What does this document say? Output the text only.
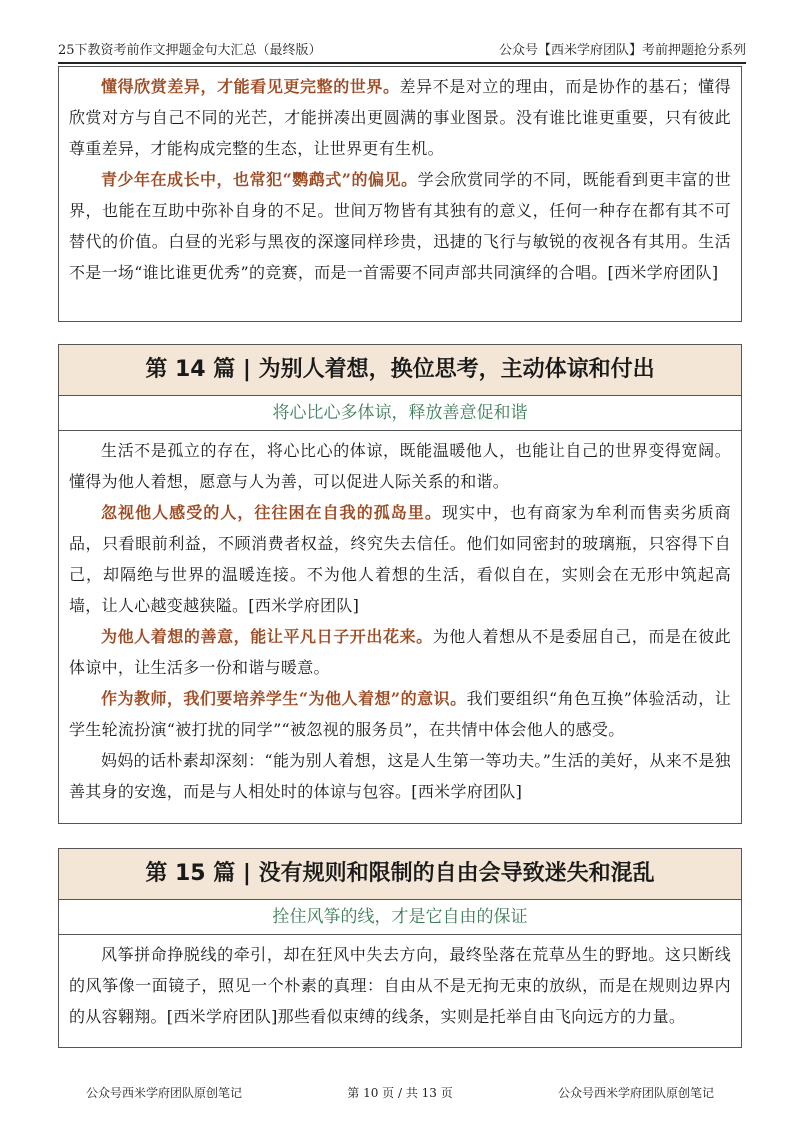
25下教资考前作文押题金句大汇总（最终版）	公众号【西米学府团队】考前押题抢分系列

懂得欣赏差异，才能看见更完整的世界。差异不是对立的理由，而是协作的基石；懂得欣赏对方与自己不同的光芒，才能拼凑出更圆满的事业图景。没有谁比谁更重要，只有彼此尊重差异，才能构成完整的生态，让世界更有生机。

青少年在成长中，也常犯“鹦鹉式”的偏见。学会欣赏同学的不同，既能看到更丰富的世界，也能在互助中弥补自身的不足。世间万物皆有其独有的意义，任何一种存在都有其不可替代的价值。白昼的光彩与黑夜的深邃同样珍贵，迅捷的飞行与敏锐的夜视各有其用。生活不是一场“谁比谁更优秀”的竞赛，而是一首需要不同声部共同演绎的合唱。[西米学府团队]

第 14 篇 | 为别人着想，换位思考，主动体谅和付出
将心比心多体谅，释放善意促和谐

生活不是孤立的存在，将心比心的体谅，既能温暖他人，也能让自己的世界变得宽阔。懂得为他人着想，愿意与人为善，可以促进人际关系的和谐。

忽视他人感受的人，往往困在自我的孤岛里。现实中，也有商家为牟利而售卖劣质商品，只看眼前利益，不顾消费者权益，终究失去信任。他们如同密封的玻璃瓶，只容得下自己，却隔绝与世界的温暖连接。不为他人着想的生活，看似自在，实则会在无形中筑起高墙，让人心越变越狭隘。[西米学府团队]

为他人着想的善意，能让平凡日子开出花来。为他人着想从不是委屈自己，而是在彼此体谅中，让生活多一份和谐与暖意。

作为教师，我们要培养学生“为他人着想”的意识。我们要组织“角色互换”体验活动，让学生轮流扮演“被打扰的同学”“被忽视的服务员”，在共情中体会他人的感受。

妈妈的话朴素却深刻：“能为别人着想，这是人生第一等功夫。”生活的美好，从来不是独善其身的安逸，而是与人相处时的体谅与包容。[西米学府团队]

第 15 篇 | 没有规则和限制的自由会导致迷失和混乱
拴住风筝的线，才是它自由的保证

风筝拼命挣脱线的牵引，却在狂风中失去方向，最终坠落在荒草丛生的野地。这只断线的风筝像一面镜子，照见一个朴素的真理：自由从不是无拘无束的放纵，而是在规则边界内的从容翱翔。[西米学府团队]那些看似束缚的线条，实则是托举自由飞向远方的力量。

公众号西米学府团队原创笔记	第 10 页 / 共 13 页	公众号西米学府团队原创笔记
